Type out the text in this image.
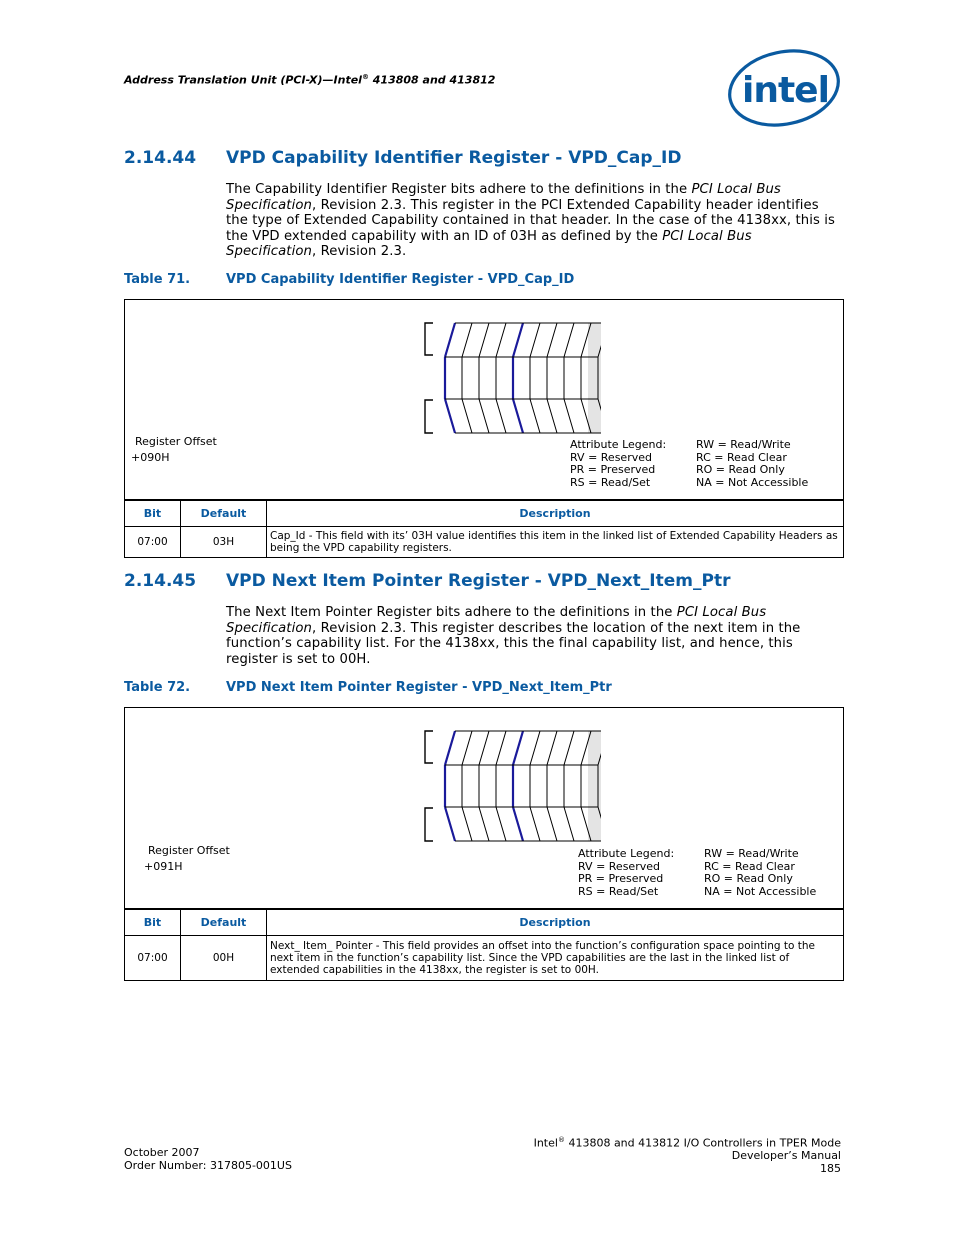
Address Translation Unit (PCI-X)—Intel® 413808 and 413812	intel
2.14.44 VPD Capability Identifier Register - VPD_Cap_ID
The Capability Identifier Register bits adhere to the definitions in the PCI Local Bus Specification, Revision 2.3. This register in the PCI Extended Capability header identifies the type of Extended Capability contained in that header. In the case of the 4138xx, this is the VPD extended capability with an ID of 03H as defined by the PCI Local Bus Specification, Revision 2.3.
Table 71.	VPD Capability Identifier Register - VPD_Cap_ID
Register Offset
+090H
Attribute Legend:
RV = Reserved
PR = Preserved
RS = Read/Set
RW = Read/Write
RC = Read Clear
RO = Read Only
NA = Not Accessible
Bit	Default	Description
07:00	03H	Cap_Id - This field with its’ 03H value identifies this item in the linked list of Extended Capability Headers as being the VPD capability registers.
2.14.45 VPD Next Item Pointer Register - VPD_Next_Item_Ptr
The Next Item Pointer Register bits adhere to the definitions in the PCI Local Bus Specification, Revision 2.3. This register describes the location of the next item in the function’s capability list. For the 4138xx, this the final capability list, and hence, this register is set to 00H.
Table 72.	VPD Next Item Pointer Register - VPD_Next_Item_Ptr
Register Offset
+091H
Attribute Legend:
RV = Reserved
PR = Preserved
RS = Read/Set
RW = Read/Write
RC = Read Clear
RO = Read Only
NA = Not Accessible
Bit	Default	Description
07:00	00H	Next_ Item_ Pointer - This field provides an offset into the function’s configuration space pointing to the next item in the function’s capability list. Since the VPD capabilities are the last in the linked list of extended capabilities in the 4138xx, the register is set to 00H.
October 2007
Order Number: 317805-001US
Intel® 413808 and 413812 I/O Controllers in TPER Mode
Developer’s Manual
185
